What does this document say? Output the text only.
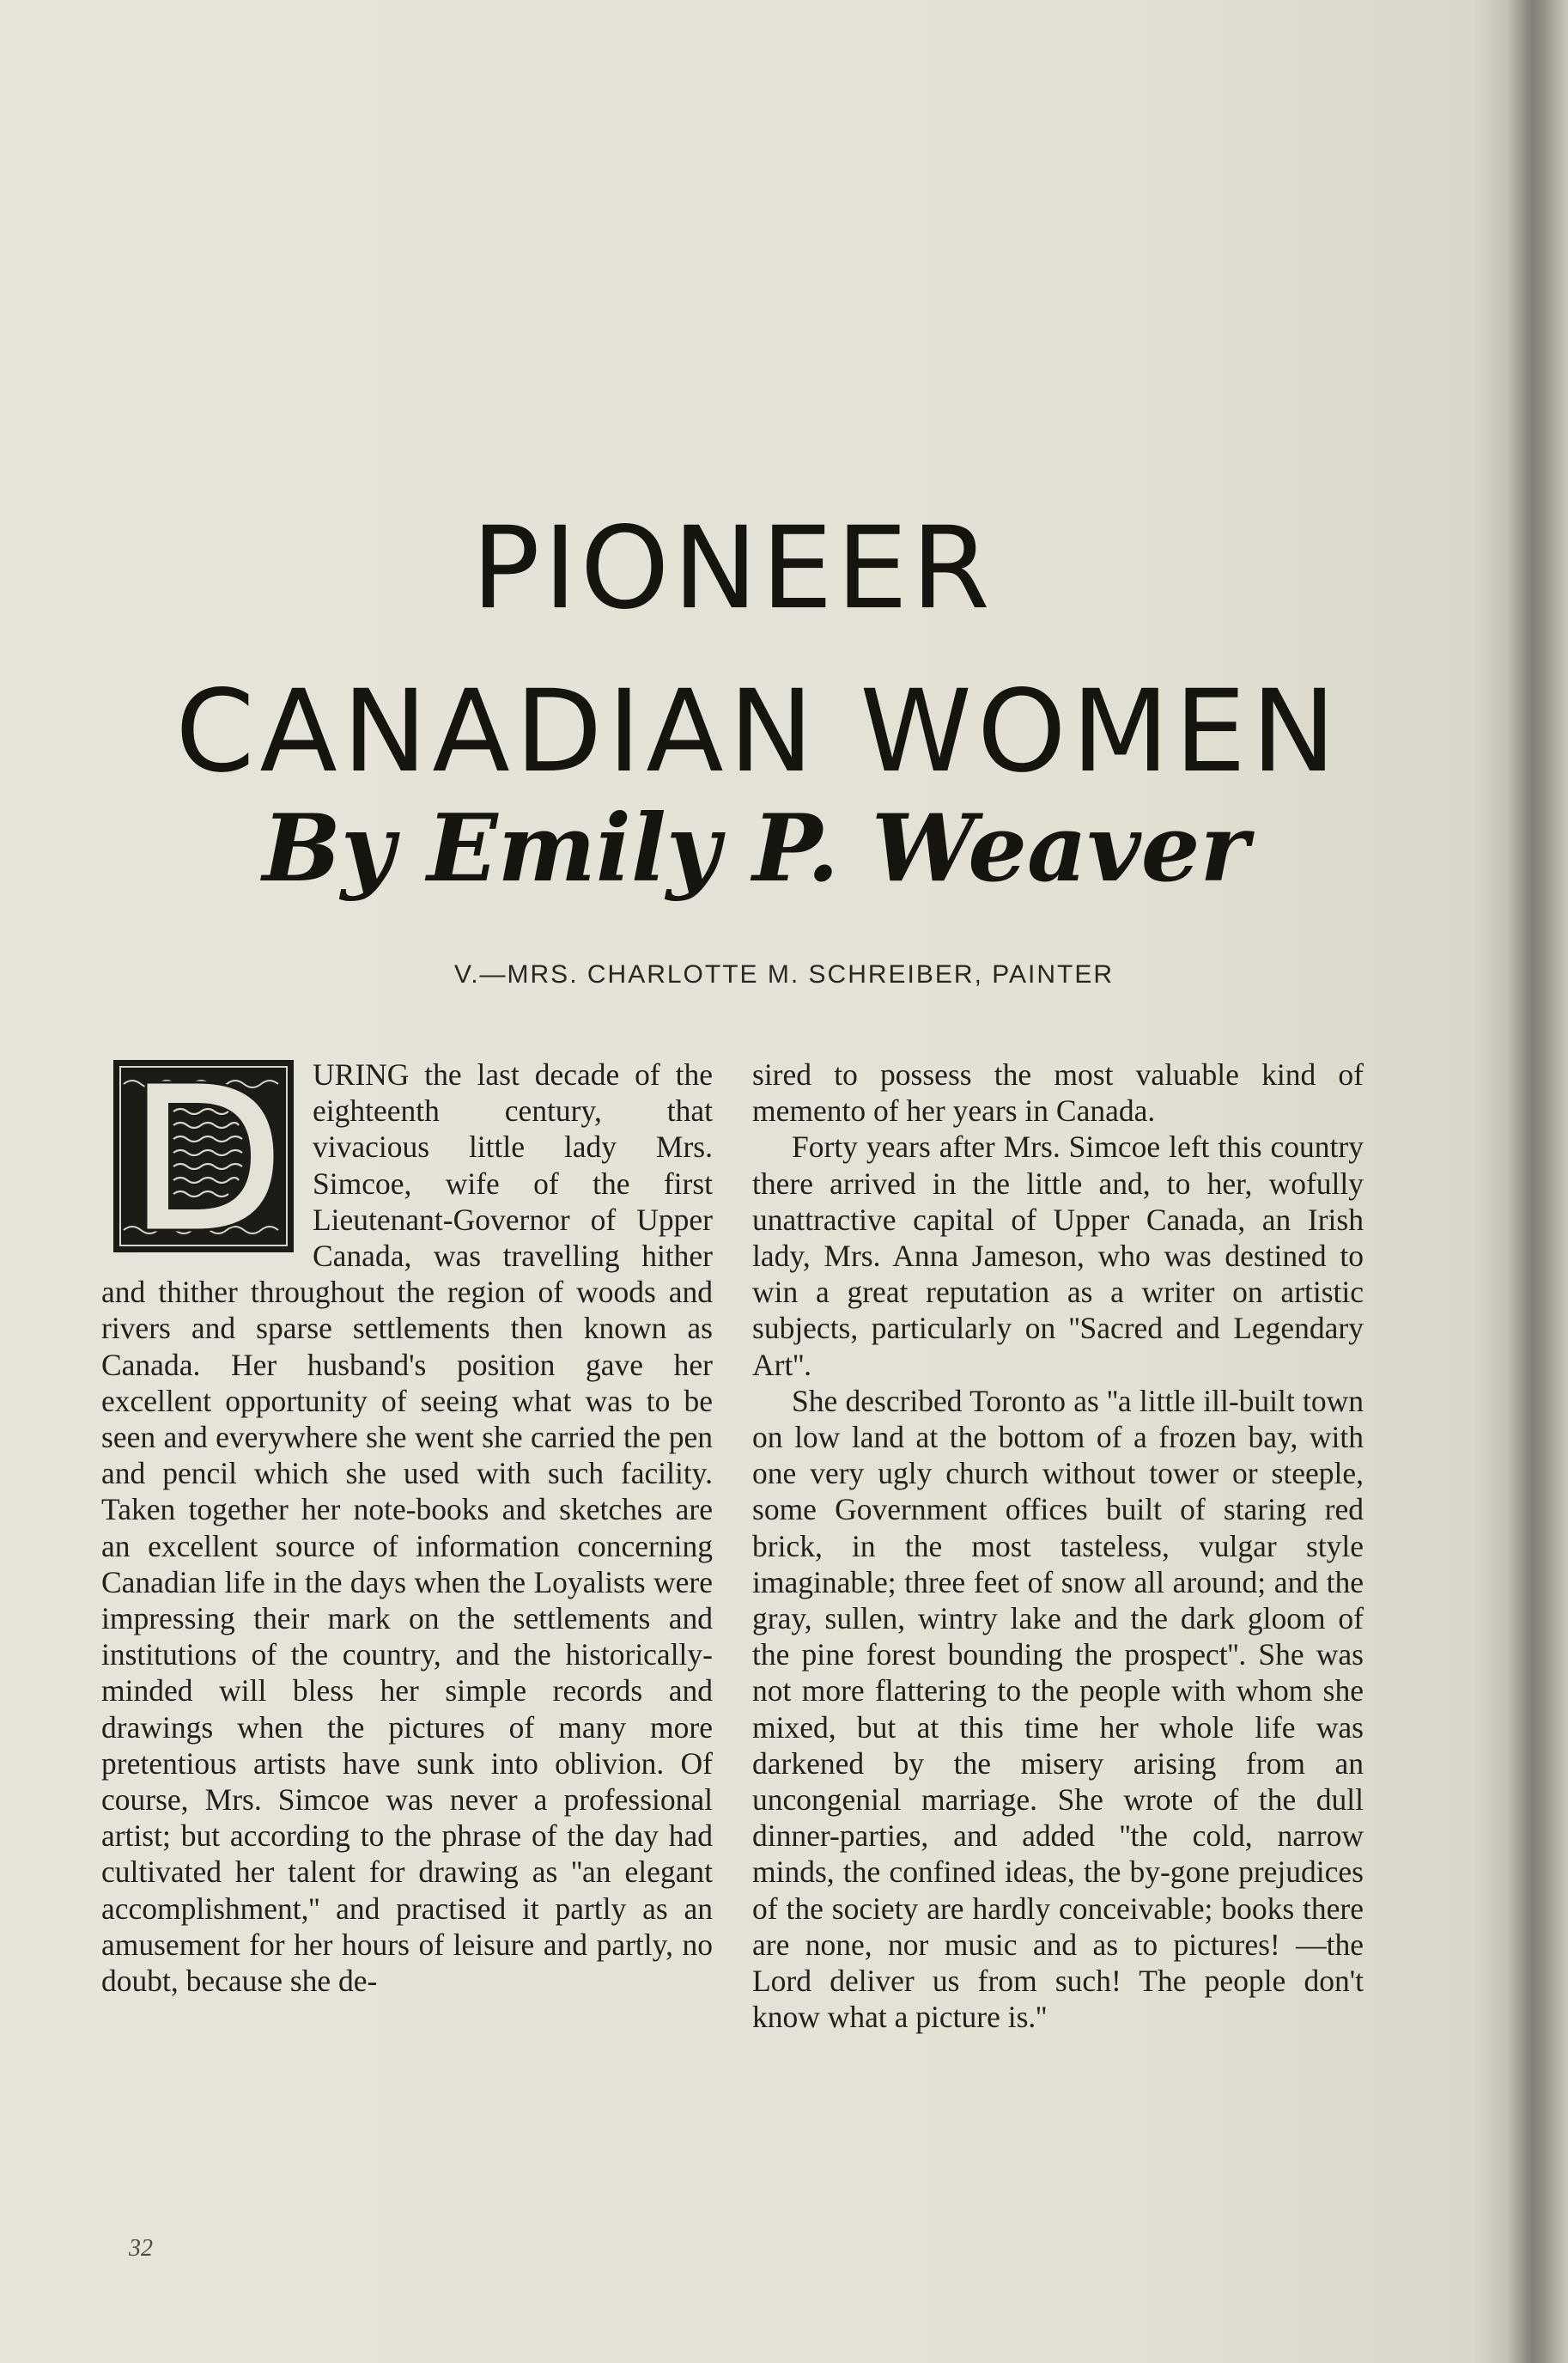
PIONEER
CANADIAN WOMEN
By Emily P. Weaver
V.—MRS. CHARLOTTE M. SCHREIBER, PAINTER

URING the last decade of the eighteenth century, that vivacious little lady Mrs. Simcoe, wife of the first Lieutenant-Governor of Upper Canada, was travelling hither and thither throughout the region of woods and rivers and sparse settlements then known as Canada. Her husband's position gave her excellent opportunity of seeing what was to be seen and everywhere she went she carried the pen and pencil which she used with such facility. Taken together her note-books and sketches are an excellent source of information concerning Canadian life in the days when the Loyalists were impressing their mark on the settlements and institutions of the country, and the historically-minded will bless her simple records and drawings when the pictures of many more pretentious artists have sunk into oblivion. Of course, Mrs. Simcoe was never a professional artist; but according to the phrase of the day had cultivated her talent for drawing as ''an elegant accomplishment,'' and practised it partly as an amusement for her hours of leisure and partly, no doubt, because she de-

sired to possess the most valuable kind of memento of her years in Canada.

Forty years after Mrs. Simcoe left this country there arrived in the little and, to her, wofully unattractive capital of Upper Canada, an Irish lady, Mrs. Anna Jameson, who was destined to win a great reputation as a writer on artistic subjects, particularly on ''Sacred and Legendary Art''.

She described Toronto as ''a little ill-built town on low land at the bottom of a frozen bay, with one very ugly church without tower or steeple, some Government offices built of staring red brick, in the most tasteless, vulgar style imaginable; three feet of snow all around; and the gray, sullen, wintry lake and the dark gloom of the pine forest bounding the prospect''. She was not more flattering to the people with whom she mixed, but at this time her whole life was darkened by the misery arising from an uncongenial marriage. She wrote of the dull dinner-parties, and added ''the cold, narrow minds, the confined ideas, the by-gone prejudices of the society are hardly conceivable; books there are none, nor music and as to pictures! —the Lord deliver us from such! The people don't know what a picture is.''

32
